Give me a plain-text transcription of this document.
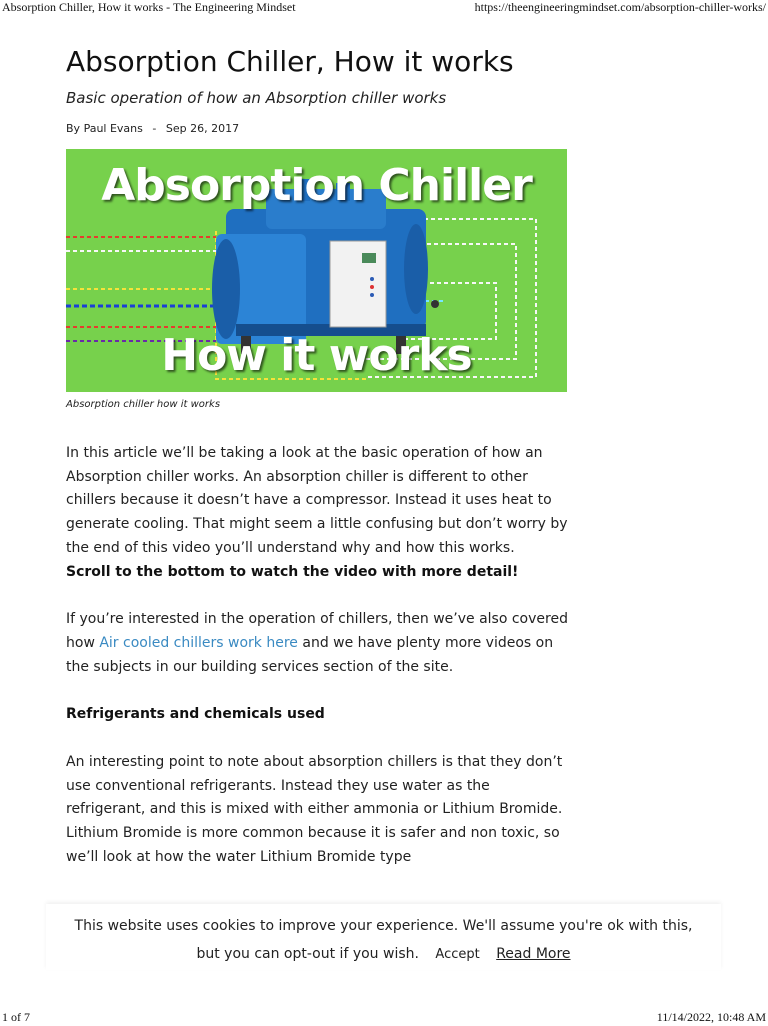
Absorption Chiller, How it works - The Engineering Mindset	https://theengineeringmindset.com/absorption-chiller-works/
Absorption Chiller, How it works
Basic operation of how an Absorption chiller works
By Paul Evans - Sep 26, 2017
Absorption Chiller
How it works
Absorption chiller how it works

In this article we’ll be taking a look at the basic operation of how an Absorption chiller works. An absorption chiller is different to other chillers because it doesn’t have a compressor. Instead it uses heat to generate cooling. That might seem a little confusing but don’t worry by the end of this video you’ll understand why and how this works.

Scroll to the bottom to watch the video with more detail!

If you’re interested in the operation of chillers, then we’ve also covered how Air cooled chillers work here and we have plenty more videos on the subjects in our building services section of the site.

Refrigerants and chemicals used

An interesting point to note about absorption chillers is that they don’t use conventional refrigerants. Instead they use water as the refrigerant, and this is mixed with either ammonia or Lithium Bromide. Lithium Bromide is more common because it is safer and non toxic, so we’ll look at how the water Lithium Bromide type

This website uses cookies to improve your experience. We'll assume you're ok with this,
but you can opt-out if you wish. Accept Read More
1 of 7	11/14/2022, 10:48 AM
